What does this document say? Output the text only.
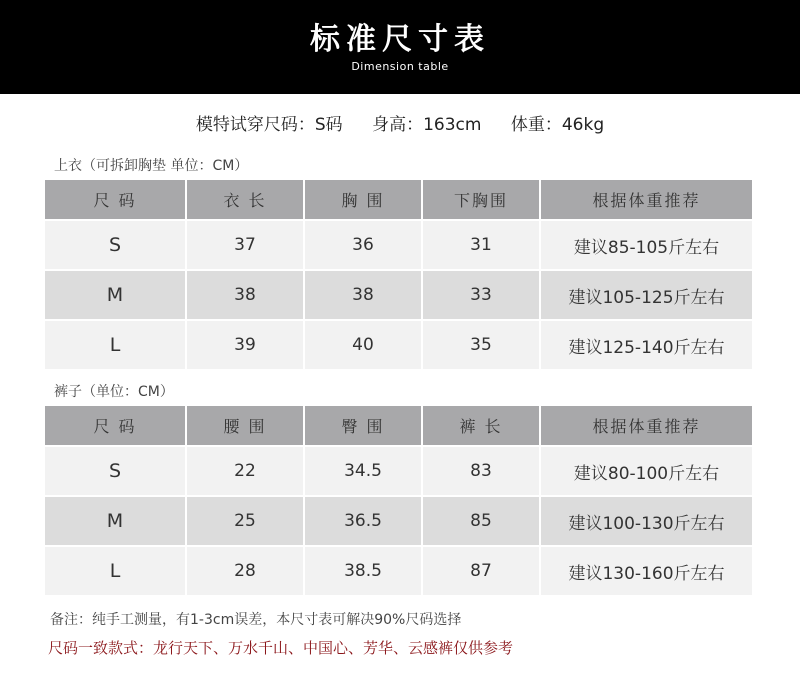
标准尺寸表
Dimension table
模特试穿尺码：S码 身高：163cm 体重：46kg
上衣（可拆卸胸垫 单位：CM）
尺 码	衣 长	胸 围	下胸围	根据体重推荐
S	37	36	31	建议85-105斤左右
M	38	38	33	建议105-125斤左右
L	39	40	35	建议125-140斤左右
裤子（单位：CM）
尺 码	腰 围	臀 围	裤 长	根据体重推荐
S	22	34.5	83	建议80-100斤左右
M	25	36.5	85	建议100-130斤左右
L	28	38.5	87	建议130-160斤左右
备注：纯手工测量，有1-3cm误差，本尺寸表可解决90%尺码选择
尺码一致款式：龙行天下、万水千山、中国心、芳华、云感裤仅供参考
